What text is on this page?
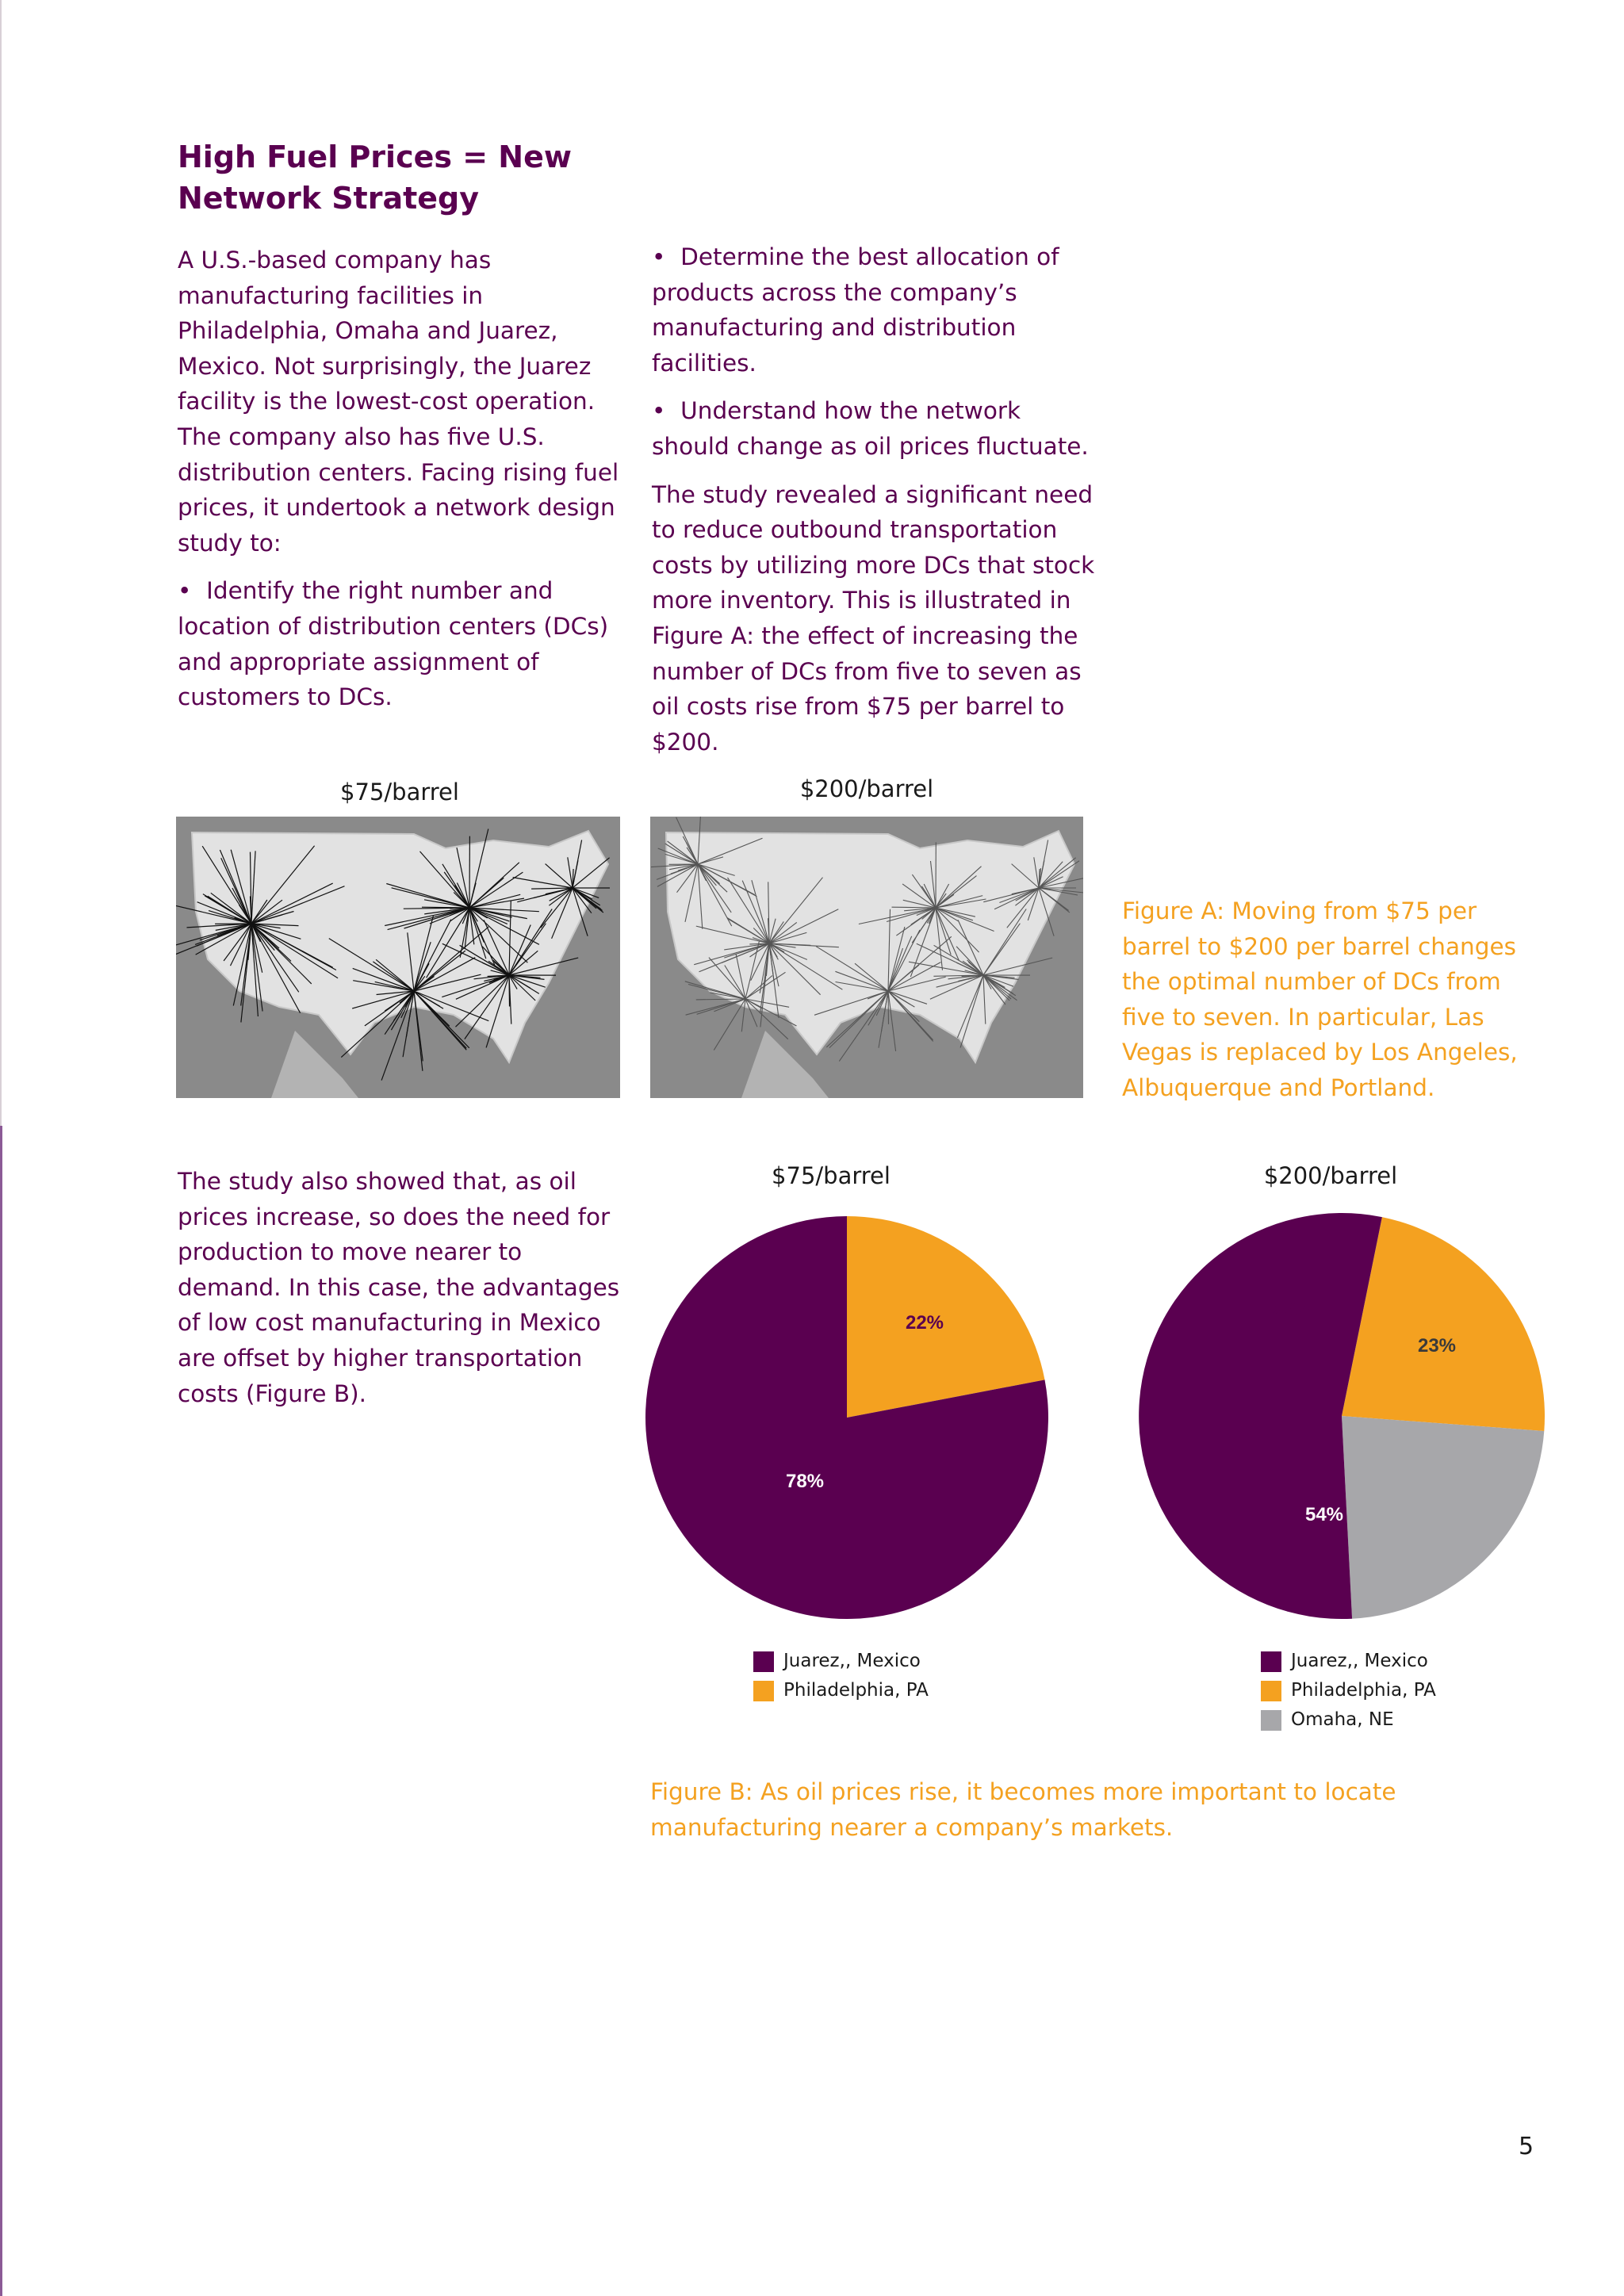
High Fuel Prices = New Network Strategy

A U.S.-based company has manufacturing facilities in Philadelphia, Omaha and Juarez, Mexico. Not surprisingly, the Juarez facility is the lowest-cost operation. The company also has five U.S. distribution centers. Facing rising fuel prices, it undertook a network design study to:

•  Identify the right number and location of distribution centers (DCs) and appropriate assignment of customers to DCs.

•  Determine the best allocation of products across the company’s manufacturing and distribution facilities.

•  Understand how the network should change as oil prices fluctuate.

The study revealed a significant need to reduce outbound transportation costs by utilizing more DCs that stock more inventory. This is illustrated in Figure A: the effect of increasing the number of DCs from five to seven as oil costs rise from $75 per barrel to $200.

$75/barrel	$200/barrel
Figure A: Moving from $75 per barrel to $200 per barrel changes the optimal number of DCs from five to seven. In particular, Las Vegas is replaced by Los Angeles, Albuquerque and Portland.

The study also showed that, as oil prices increase, so does the need for production to move nearer to demand. In this case, the advantages of low cost manufacturing in Mexico are offset by higher transportation costs (Figure B).

$75/barrel	$200/barrel
78%
22%
54%
23%
23%
Juarez,, Mexico
Philadelphia, PA
Juarez,, Mexico
Philadelphia, PA
Omaha, NE
Figure B: As oil prices rise, it becomes more important to locate manufacturing nearer a company’s markets.
5
